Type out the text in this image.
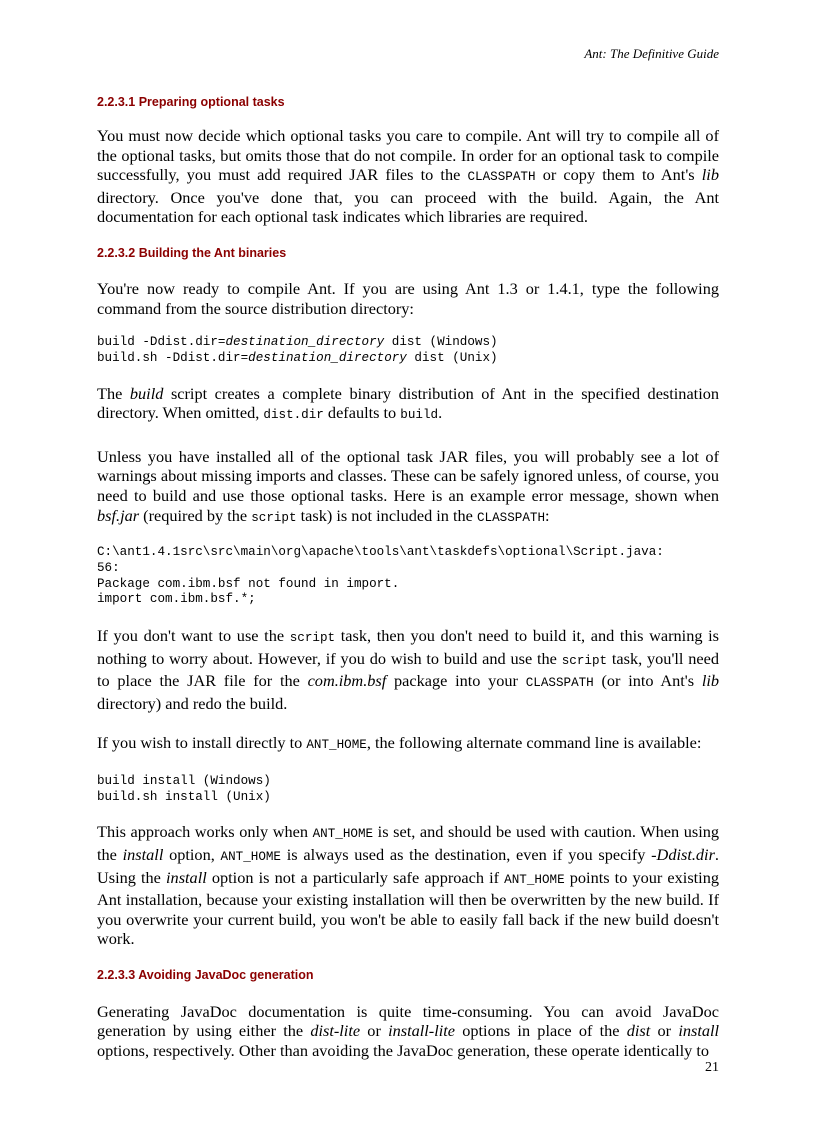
Ant: The Definitive Guide
2.2.3.1 Preparing optional tasks

You must now decide which optional tasks you care to compile. Ant will try to compile all of the optional tasks, but omits those that do not compile. In order for an optional task to compile successfully, you must add required JAR files to the CLASSPATH or copy them to Ant's lib directory. Once you've done that, you can proceed with the build. Again, the Ant documentation for each optional task indicates which libraries are required.

2.2.3.2 Building the Ant binaries

You're now ready to compile Ant. If you are using Ant 1.3 or 1.4.1, type the following command from the source distribution directory:

build -Ddist.dir=destination_directory dist (Windows)
build.sh -Ddist.dir=destination_directory dist (Unix)

The build script creates a complete binary distribution of Ant in the specified destination directory. When omitted, dist.dir defaults to build.

Unless you have installed all of the optional task JAR files, you will probably see a lot of warnings about missing imports and classes. These can be safely ignored unless, of course, you need to build and use those optional tasks. Here is an example error message, shown when bsf.jar (required by the script task) is not included in the CLASSPATH:

C:\ant1.4.1src\src\main\org\apache\tools\ant\taskdefs\optional\Script.java:
56:
Package com.ibm.bsf not found in import.
import com.ibm.bsf.*;

If you don't want to use the script task, then you don't need to build it, and this warning is nothing to worry about. However, if you do wish to build and use the script task, you'll need to place the JAR file for the com.ibm.bsf package into your CLASSPATH (or into Ant's lib directory) and redo the build.

If you wish to install directly to ANT_HOME, the following alternate command line is available:

build install (Windows)
build.sh install (Unix)

This approach works only when ANT_HOME is set, and should be used with caution. When using the install option, ANT_HOME is always used as the destination, even if you specify -Ddist.dir. Using the install option is not a particularly safe approach if ANT_HOME points to your existing Ant installation, because your existing installation will then be overwritten by the new build. If you overwrite your current build, you won't be able to easily fall back if the new build doesn't work.

2.2.3.3 Avoiding JavaDoc generation

Generating JavaDoc documentation is quite time-consuming. You can avoid JavaDoc generation by using either the dist-lite or install-lite options in place of the dist or install options, respectively. Other than avoiding the JavaDoc generation, these operate identically to

21
